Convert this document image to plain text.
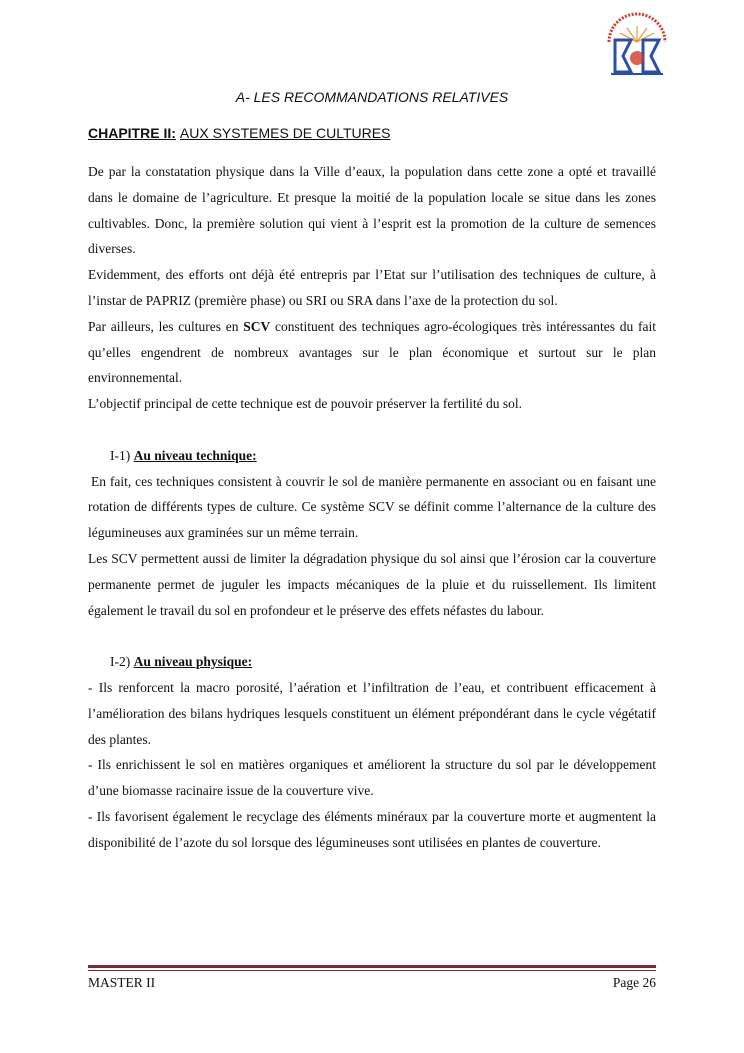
A- LES RECOMMANDATIONS RELATIVES
CHAPITRE II: AUX SYSTEMES DE CULTURES

De par la constatation physique dans la Ville d’eaux, la population dans cette zone a opté et travaillé dans le domaine de l’agriculture. Et presque la moitié de la population locale se situe dans les zones cultivables. Donc, la première solution qui vient à l’esprit est la promotion de la culture de semences diverses.

Evidemment, des efforts ont déjà été entrepris par l’Etat sur l’utilisation des techniques de culture, à l’instar de PAPRIZ (première phase) ou SRI ou SRA dans l’axe de la protection du sol.

Par ailleurs, les cultures en SCV constituent des techniques agro-écologiques très intéressantes du fait qu’elles engendrent de nombreux avantages sur le plan économique et surtout sur le plan environnemental.

L’objectif principal de cette technique est de pouvoir préserver la fertilité du sol.

I-1) Au niveau technique:

En fait, ces techniques consistent à couvrir le sol de manière permanente en associant ou en faisant une rotation de différents types de culture. Ce système SCV se définit comme l’alternance de la culture des légumineuses aux graminées sur un même terrain.

Les SCV permettent aussi de limiter la dégradation physique du sol ainsi que l’érosion car la couverture permanente permet de juguler les impacts mécaniques de la pluie et du ruissellement. Ils limitent également le travail du sol en profondeur et le préserve des effets néfastes du labour.

I-2) Au niveau physique:

- Ils renforcent la macro porosité, l’aération et l’infiltration de l’eau, et contribuent efficacement à l’amélioration des bilans hydriques lesquels constituent un élément prépondérant dans le cycle végétatif des plantes.

- Ils enrichissent le sol en matières organiques et améliorent la structure du sol par le développement d’une biomasse racinaire issue de la couverture vive.

- Ils favorisent également le recyclage des éléments minéraux par la couverture morte et augmentent la disponibilité de l’azote du sol lorsque des légumineuses sont utilisées en plantes de couverture.

MASTER II	Page 26
